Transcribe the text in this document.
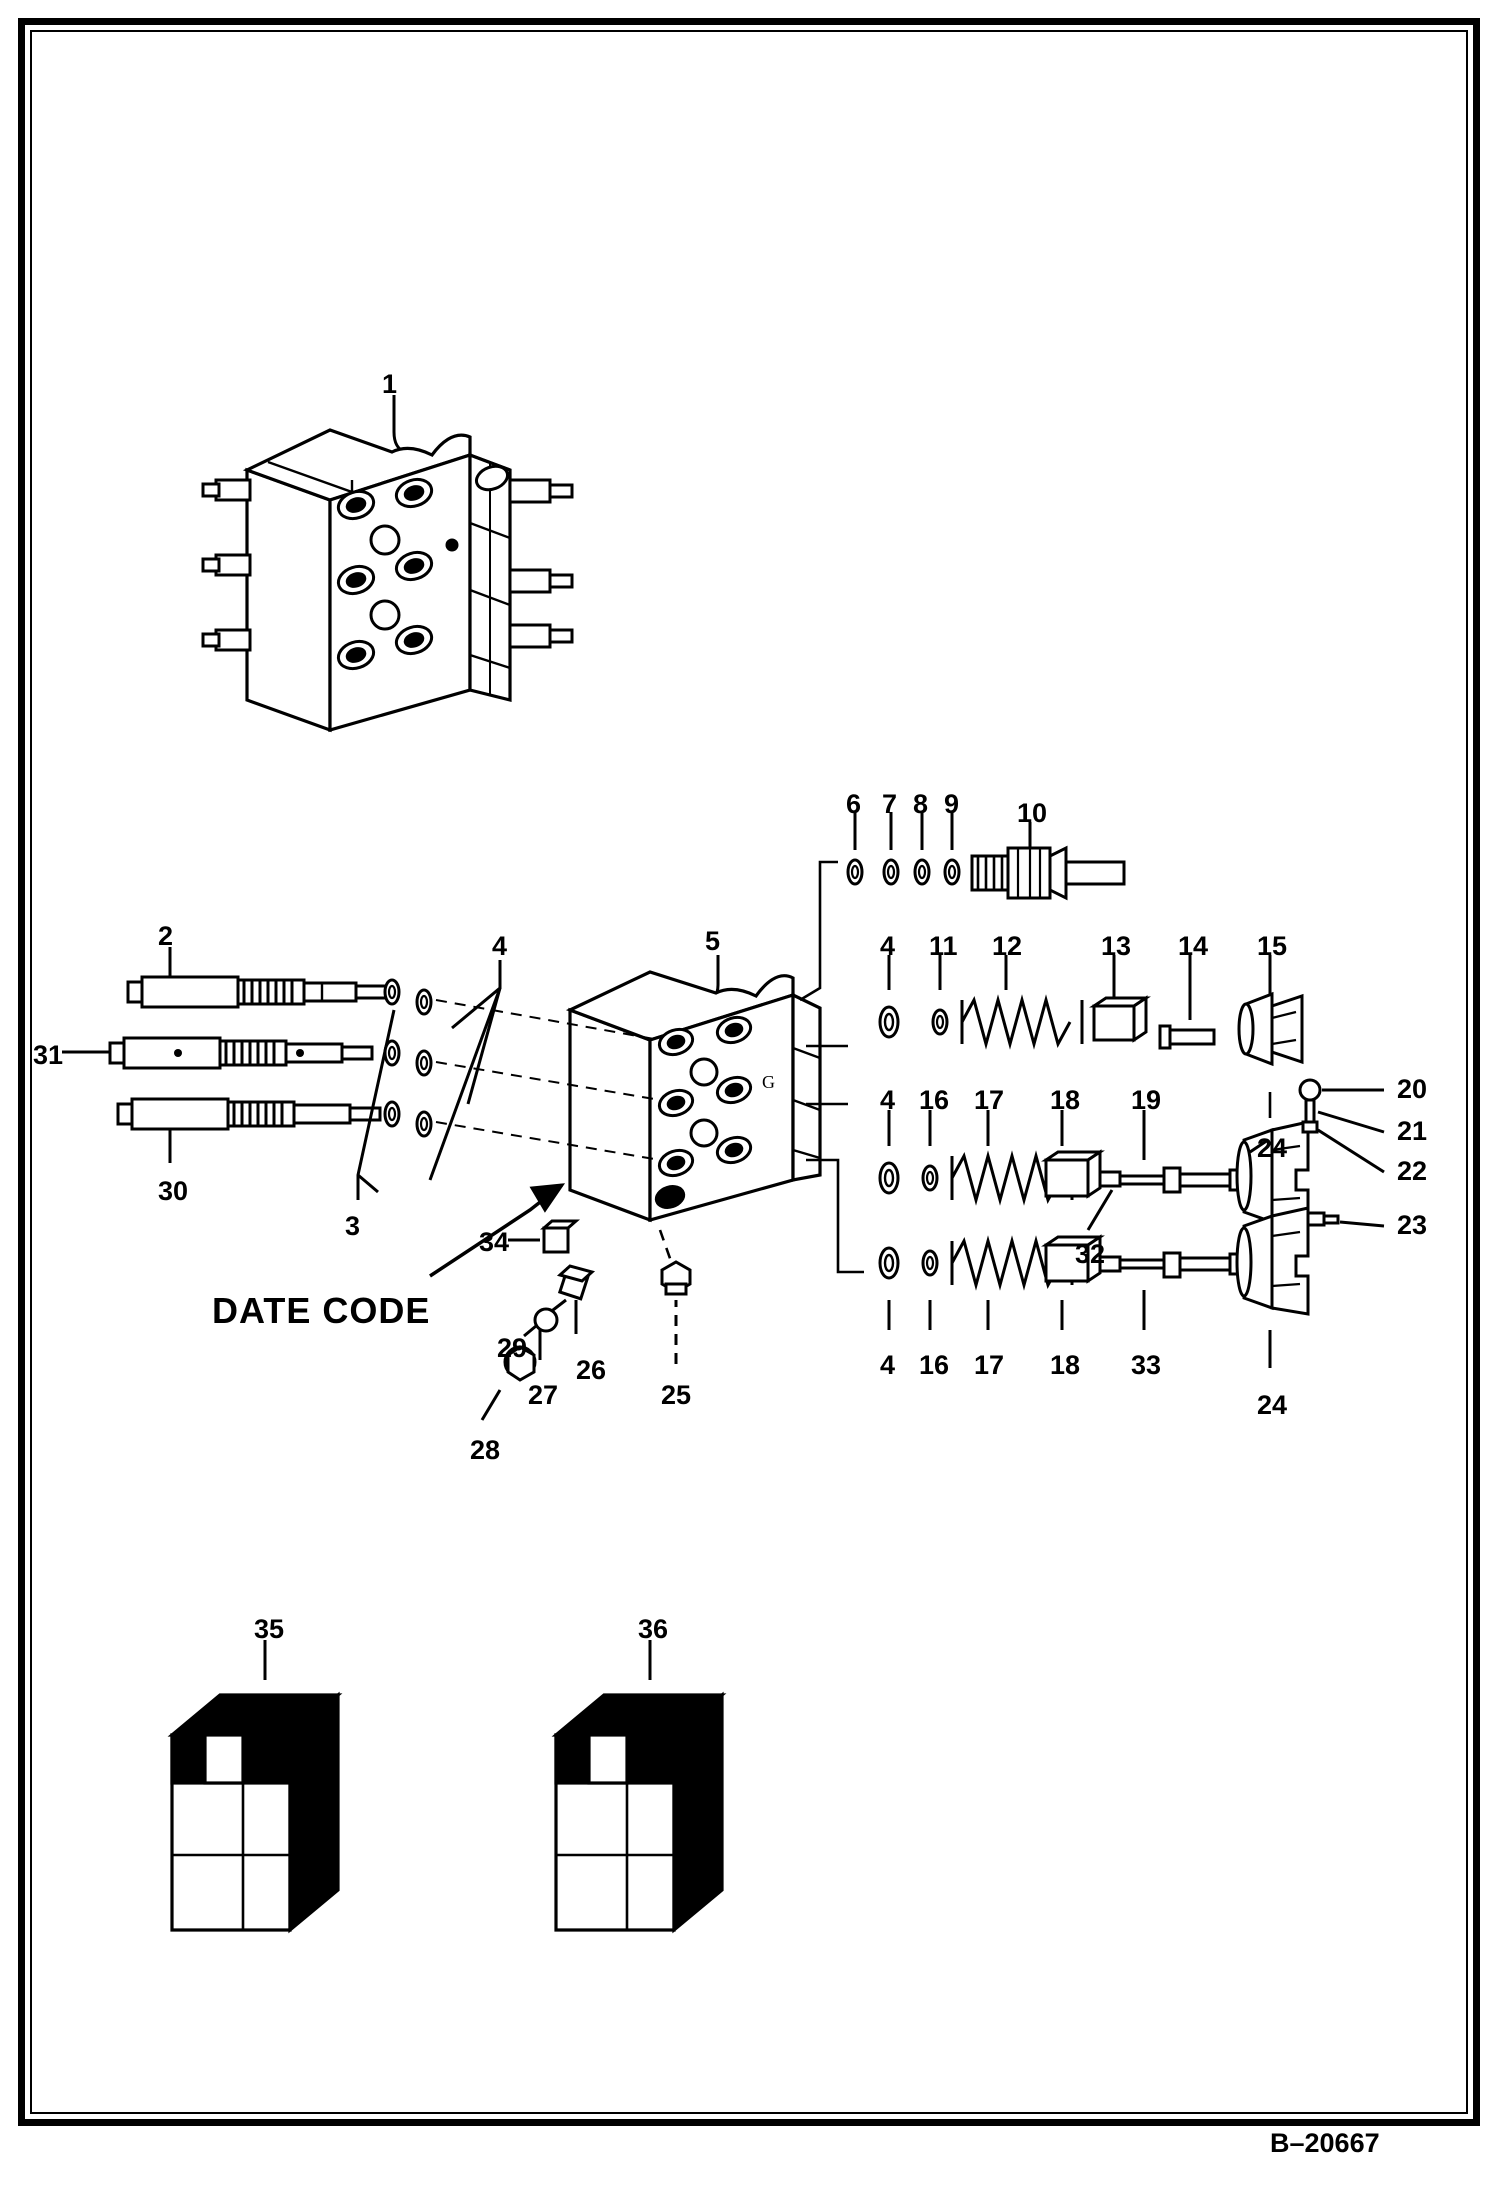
G
DATE CODE
B–20667
1
2
3
4	5
6 7 8 9 10
4 11 12	13 14 15
4 16 17 18 19	20
21
22
23
24
32
4 16 17 18 33
24
25
26
27
28
29
30
31
34
35	36
